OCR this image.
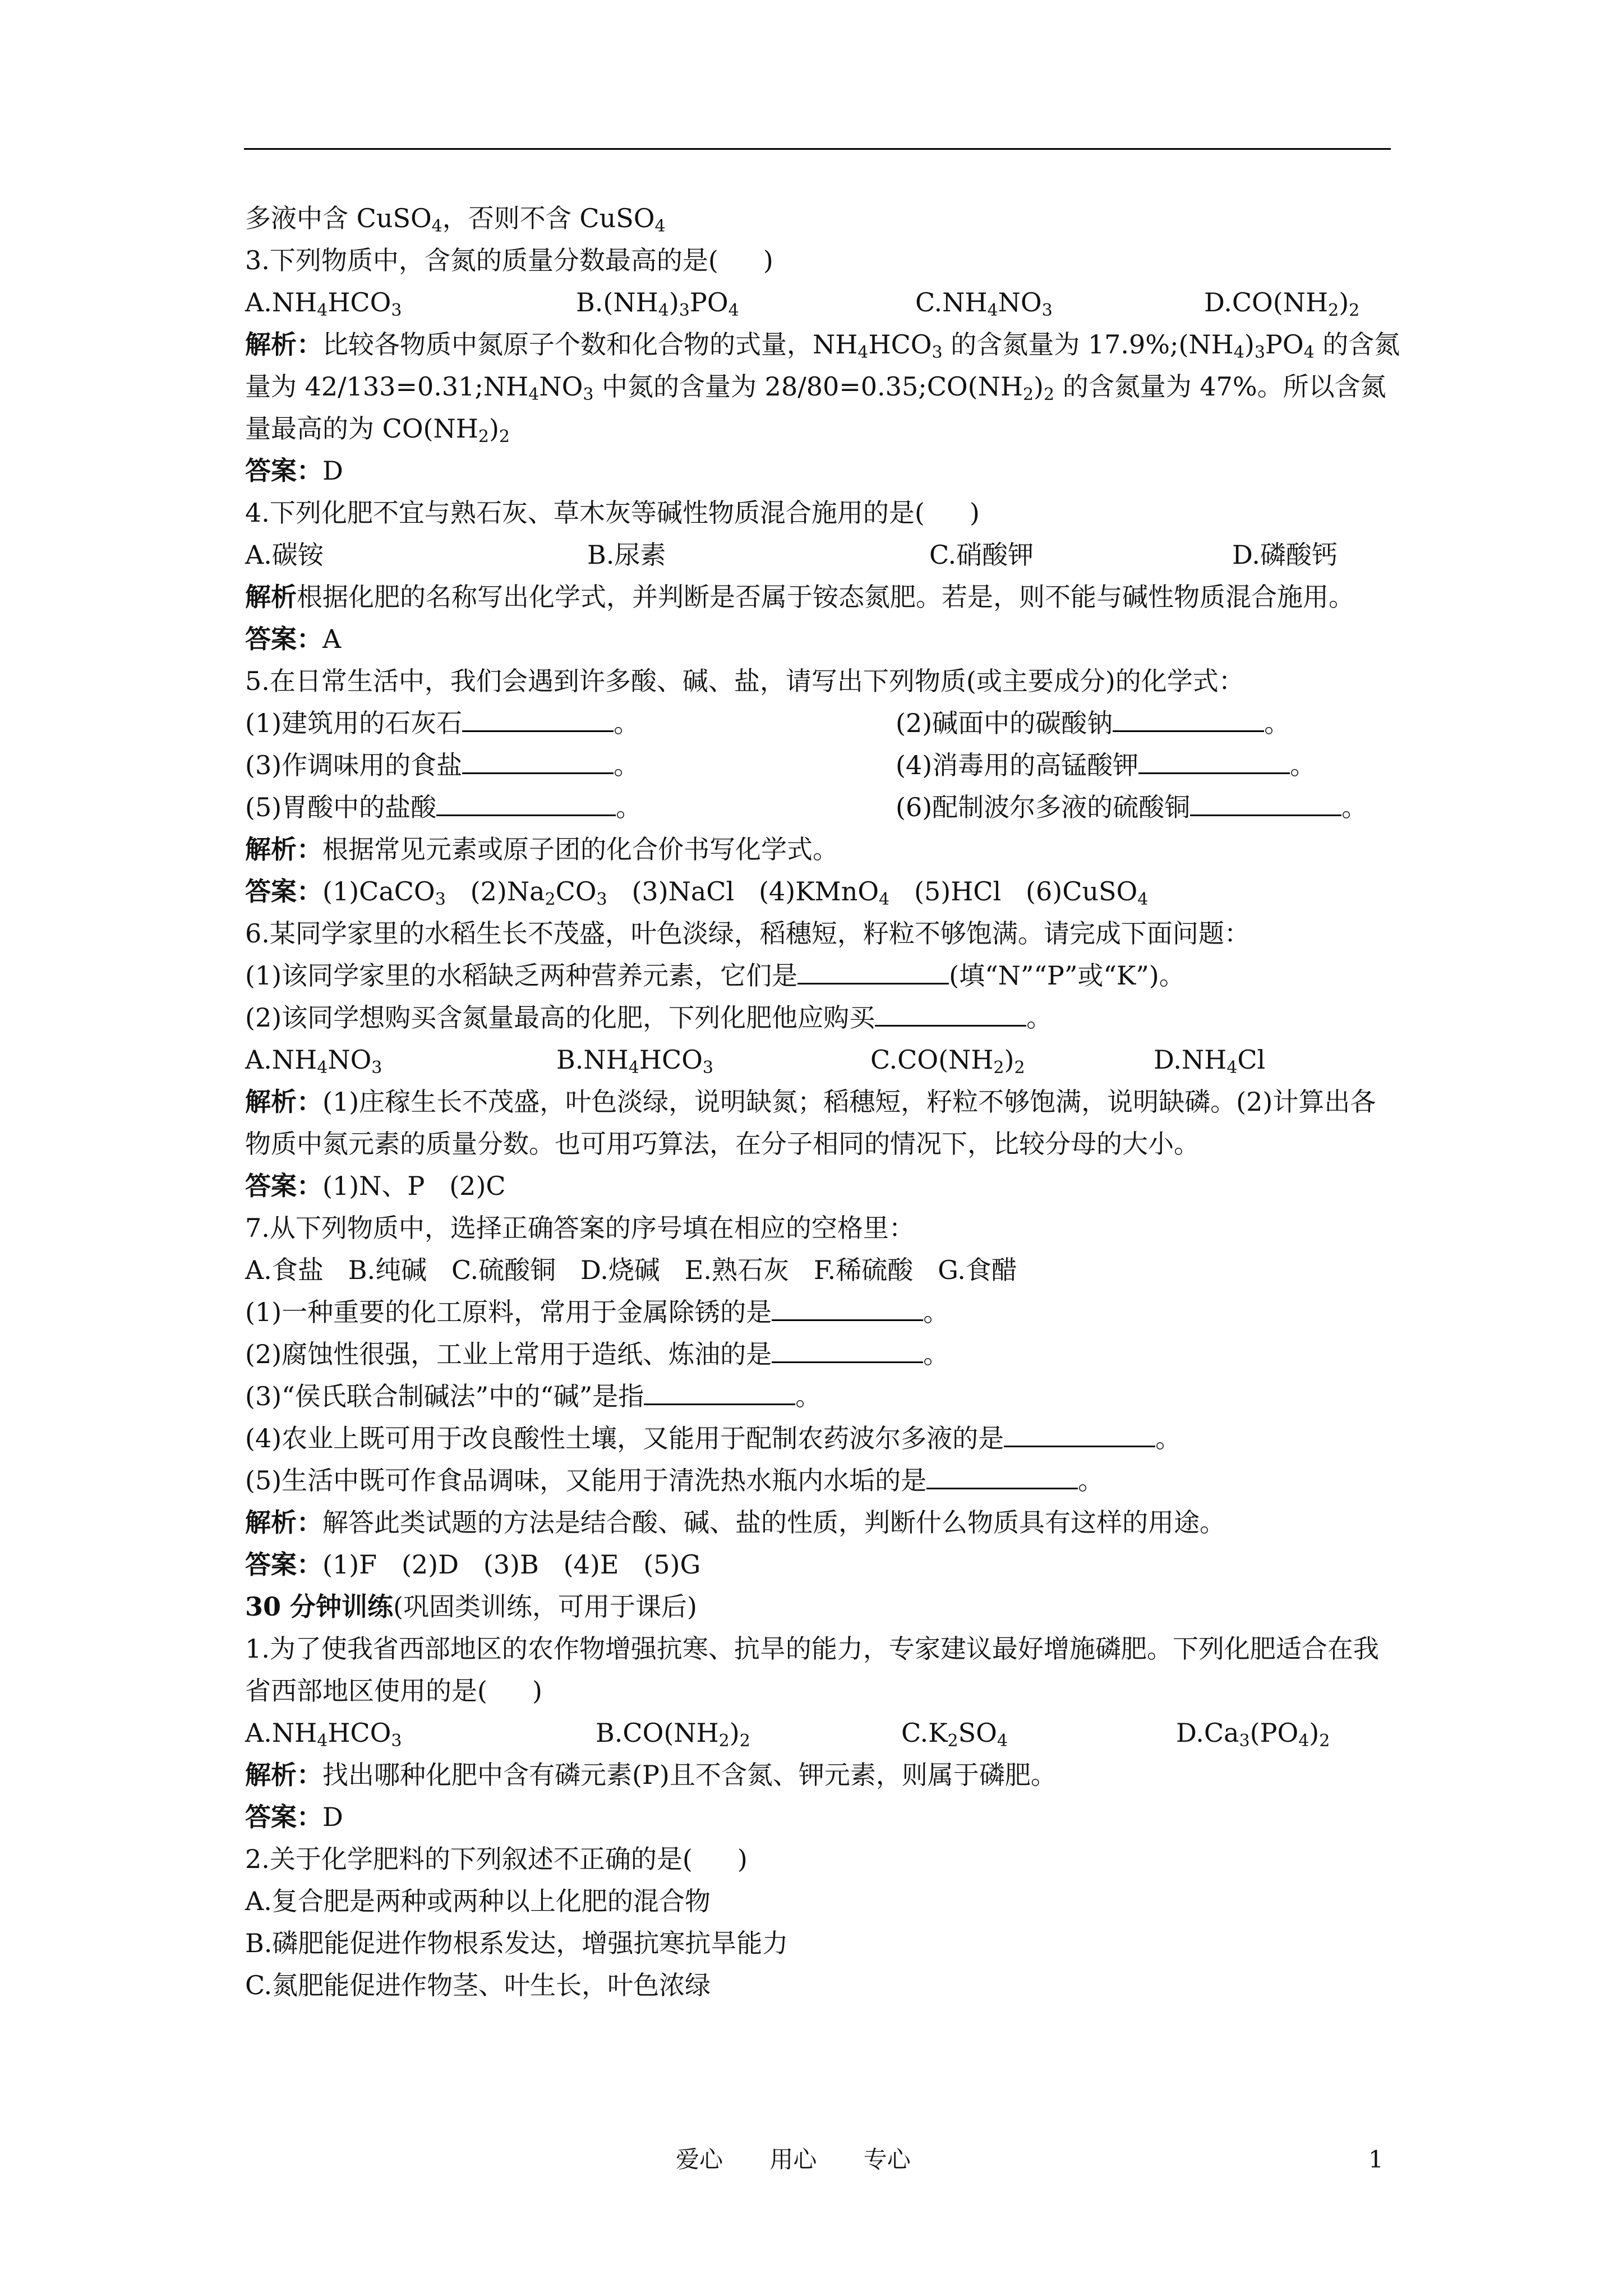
多液中含 CuSO$_4$，否则不含 CuSO$_4$
3.下列物质中，含氮的质量分数最高的是( )
$A.NH_4HCO_3$	$B.(NH_4)_3PO_4$	$C.NH_4NO_3$	$D.CO(NH_2)_2$
解析：比较各物质中氮原子个数和化合物的式量，$NH_4HCO_3$ 的含氮量为 $17.9\%;(NH_4)_3PO_4$ 的含氮量为 $42/133=0.31;NH_4NO_3$ 中氮的含量为 $28/80=0.35;CO(NH_2)_2$ 的含氮量为 47%。所以含氮量最高的为 $CO(NH_2)_2$
答案：D
4.下列化肥不宜与熟石灰、草木灰等碱性物质混合施用的是( )
A.碳铵	B.尿素	C.硝酸钾	D.磷酸钙
解析根据化肥的名称写出化学式，并判断是否属于铵态氮肥。若是，则不能与碱性物质混合施用。
答案：A
5.在日常生活中，我们会遇到许多酸、碱、盐，请写出下列物质(或主要成分)的化学式：
(1)建筑用的石灰石	。	(2)碱面中的碳酸钠	。
(3)作调味用的食盐	。	(4)消毒用的高锰酸钾	。
(5)胃酸中的盐酸	。	(6)配制波尔多液的硫酸铜	。
解析：根据常见元素或原子团的化合价书写化学式。
答案：(1)CaCO$_3$   $(2)Na_2CO_3$   (3)NaCl   (4)KMnO$_4$   (5)HCl   (6)CuSO$_4$
6.某同学家里的水稻生长不茂盛，叶色淡绿，稻穗短，籽粒不够饱满。请完成下面问题：
(1)该同学家里的水稻缺乏两种营养元素，它们是	(填“N”“P”或“K”)。
(2)该同学想购买含氮量最高的化肥，下列化肥他应购买	。
$A.NH_4NO_3$	$B.NH_4HCO_3$	$C.CO(NH_2)_2$	$D.NH_4Cl$
解析：(1)庄稼生长不茂盛，叶色淡绿，说明缺氮；稻穗短，籽粒不够饱满，说明缺磷。(2)计算出各物质中氮元素的质量分数。也可用巧算法，在分子相同的情况下，比较分母的大小。
答案：(1)N、P   (2)C
7.从下列物质中，选择正确答案的序号填在相应的空格里：
A.食盐   B.纯碱   C.硫酸铜   D.烧碱   E.熟石灰   F.稀硫酸   G.食醋
(1)一种重要的化工原料，常用于金属除锈的是	。
(2)腐蚀性很强，工业上常用于造纸、炼油的是	。
(3)“侯氏联合制碱法”中的“碱”是指	。
(4)农业上既可用于改良酸性土壤，又能用于配制农药波尔多液的是	。
(5)生活中既可作食品调味，又能用于清洗热水瓶内水垢的是	。
解析：解答此类试题的方法是结合酸、碱、盐的性质，判断什么物质具有这样的用途。
答案：(1)F   (2)D   (3)B   (4)E   (5)G
30 分钟训练(巩固类训练，可用于课后)
1.为了使我省西部地区的农作物增强抗寒、抗旱的能力，专家建议最好增施磷肥。下列化肥适合在我省西部地区使用的是( )
$A.NH_4HCO_3$	$B.CO(NH_2)_2$	$C.K_2SO_4$	$D.Ca_3(PO_4)_2$
解析：找出哪种化肥中含有磷元素(P)且不含氮、钾元素，则属于磷肥。
答案：D
2.关于化学肥料的下列叙述不正确的是( )
A.复合肥是两种或两种以上化肥的混合物
B.磷肥能促进作物根系发达，增强抗寒抗旱能力
C.氮肥能促进作物茎、叶生长，叶色浓绿
爱心 用心 专心	1
